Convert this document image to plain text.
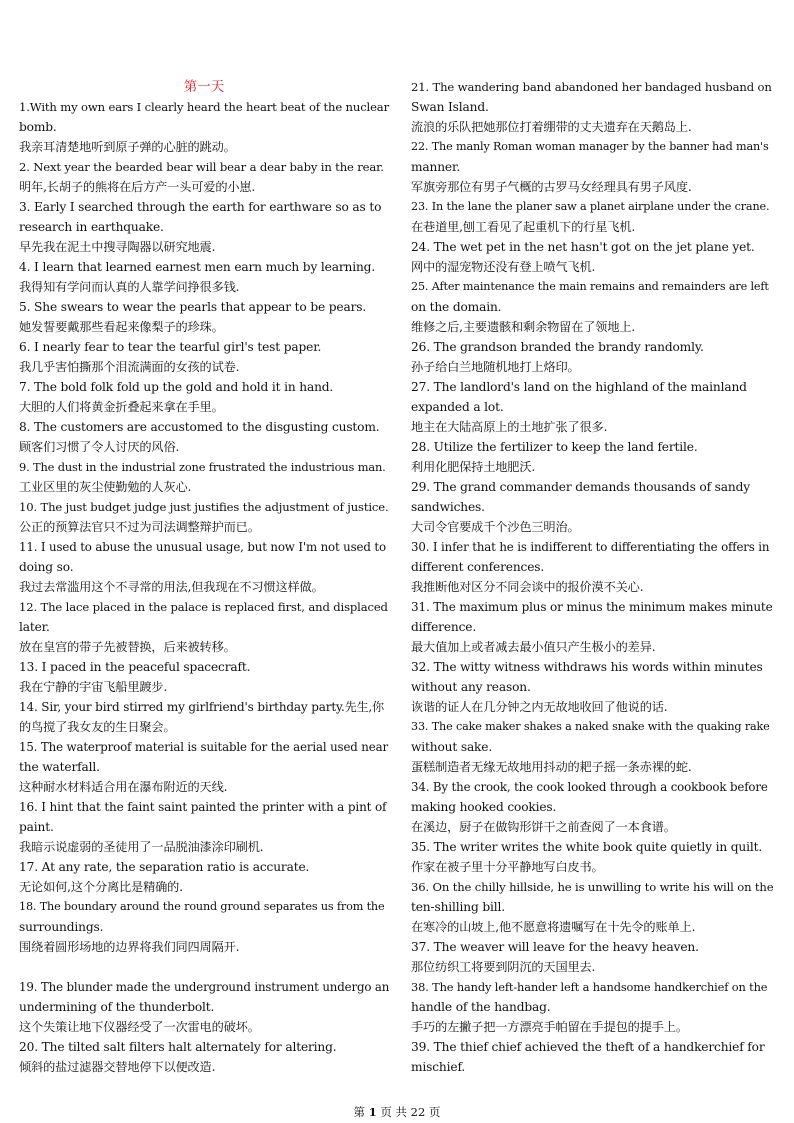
第一天
1.With my own ears I clearly heard the heart beat of the nuclear
bomb.
我亲耳清楚地听到原子弹的心脏的跳动。
2. Next year the bearded bear will bear a dear baby in the rear.
明年,长胡子的熊将在后方产一头可爱的小崽.
3. Early I searched through the earth for earthware so as to
research in earthquake.
早先我在泥土中搜寻陶器以研究地震.
4. I learn that learned earnest men earn much by learning.
我得知有学问而认真的人靠学问挣很多钱.
5. She swears to wear the pearls that appear to be pears.
她发誓要戴那些看起来像梨子的珍珠。
6. I nearly fear to tear the tearful girl's test paper.
我几乎害怕撕那个泪流满面的女孩的试卷.
7. The bold folk fold up the gold and hold it in hand.
大胆的人们将黄金折叠起来拿在手里。
8. The customers are accustomed to the disgusting custom.
顾客们习惯了令人讨厌的风俗.
9. The dust in the industrial zone frustrated the industrious man.
工业区里的灰尘使勤勉的人灰心.
10. The just budget judge just justifies the adjustment of justice.
公正的预算法官只不过为司法调整辩护而已。
11. I used to abuse the unusual usage, but now I'm not used to
doing so.
我过去常滥用这个不寻常的用法,但我现在不习惯这样做。
12. The lace placed in the palace is replaced first, and displaced
later.
放在皇宫的带子先被替换，后来被转移。
13. I paced in the peaceful spacecraft.
我在宁静的宇宙飞船里踱步.
14. Sir, your bird stirred my girlfriend's birthday party.先生,你
的鸟搅了我女友的生日聚会。
15. The waterproof material is suitable for the aerial used near
the waterfall.
这种耐水材料适合用在瀑布附近的天线.
16. I hint that the faint saint painted the printer with a pint of
paint.
我暗示说虚弱的圣徒用了一品脱油漆涂印刷机.
17. At any rate, the separation ratio is accurate.
无论如何,这个分离比是精确的.
18. The boundary around the round ground separates us from the
surroundings.
围绕着圆形场地的边界将我们同四周隔开.
19. The blunder made the underground instrument undergo an
undermining of the thunderbolt.
这个失策让地下仪器经受了一次雷电的破坏。
20. The tilted salt filters halt alternately for altering.
倾斜的盐过滤器交替地停下以便改造.
21. The wandering band abandoned her bandaged husband on
Swan Island.
流浪的乐队把她那位打着绷带的丈夫遗弃在天鹅岛上.
22. The manly Roman woman manager by the banner had man's
manner.
军旗旁那位有男子气概的古罗马女经理具有男子风度.
23. In the lane the planer saw a planet airplane under the crane.
在巷道里,刨工看见了起重机下的行星飞机.
24. The wet pet in the net hasn't got on the jet plane yet.
网中的湿宠物还没有登上喷气飞机.
25. After maintenance the main remains and remainders are left
on the domain.
维修之后,主要遗骸和剩余物留在了领地上.
26. The grandson branded the brandy randomly.
孙子给白兰地随机地打上烙印。
27. The landlord's land on the highland of the mainland
expanded a lot.
地主在大陆高原上的土地扩张了很多.
28. Utilize the fertilizer to keep the land fertile.
利用化肥保持土地肥沃.
29. The grand commander demands thousands of sandy
sandwiches.
大司令官要成千个沙色三明治。
30. I infer that he is indifferent to differentiating the offers in
different conferences.
我推断他对区分不同会谈中的报价漠不关心.
31. The maximum plus or minus the minimum makes minute
difference.
最大值加上或者减去最小值只产生极小的差异.
32. The witty witness withdraws his words within minutes
without any reason.
诙谐的证人在几分钟之内无故地收回了他说的话.
33. The cake maker shakes a naked snake with the quaking rake
without sake.
蛋糕制造者无缘无故地用抖动的耙子摇一条赤裸的蛇.
34. By the crook, the cook looked through a cookbook before
making hooked cookies.
在溪边，厨子在做钩形饼干之前查阅了一本食谱。
35. The writer writes the white book quite quietly in quilt.
作家在被子里十分平静地写白皮书。
36. On the chilly hillside, he is unwilling to write his will on the
ten-shilling bill.
在寒冷的山坡上,他不愿意将遗嘱写在十先令的账单上.
37. The weaver will leave for the heavy heaven.
那位纺织工将要到阴沉的天国里去.
38. The handy left-hander left a handsome handkerchief on the
handle of the handbag.
手巧的左撇子把一方漂亮手帕留在手提包的提手上。
39. The thief chief achieved the theft of a handkerchief for
mischief.
第 1 页 共 22 页
